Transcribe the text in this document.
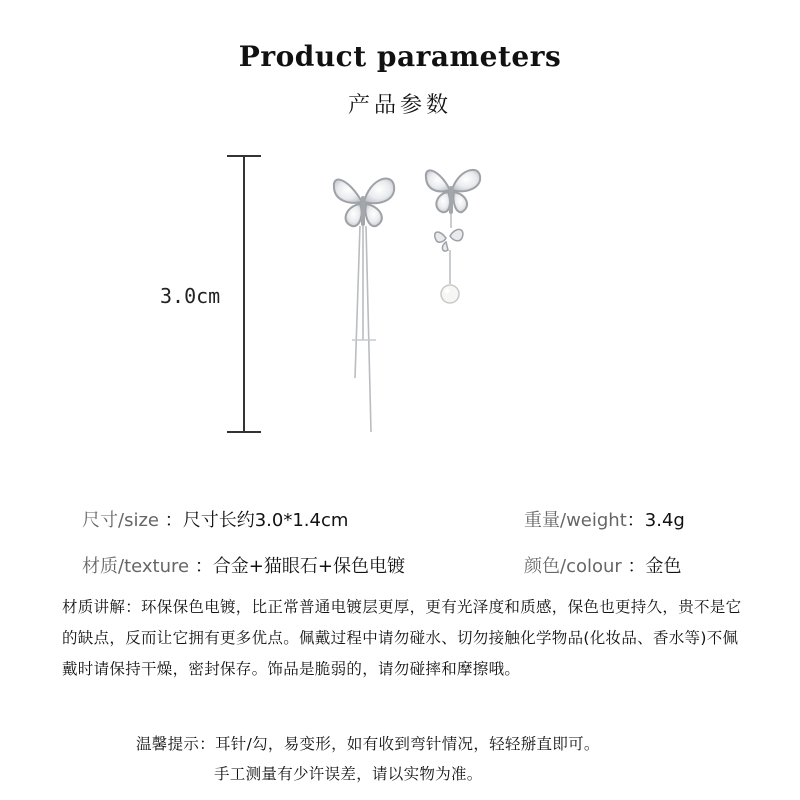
Product parameters
产品参数
3.0cm
尺寸/size ：尺寸长约3.0*1.4cm	重量/weight：3.4g
材质/texture ：合金+猫眼石+保色电镀	颜色/colour ：金色
材质讲解：环保保色电镀，比正常普通电镀层更厚，更有光泽度和质感，保色也更持久，贵不是它的缺点，反而让它拥有更多优点。佩戴过程中请勿碰水、切勿接触化学物品(化妆品、香水等)不佩戴时请保持干燥，密封保存。饰品是脆弱的，请勿碰摔和摩擦哦。
温馨提示：耳针/勾，易变形，如有收到弯针情况，轻轻掰直即可。
手工测量有少许误差，请以实物为准。
